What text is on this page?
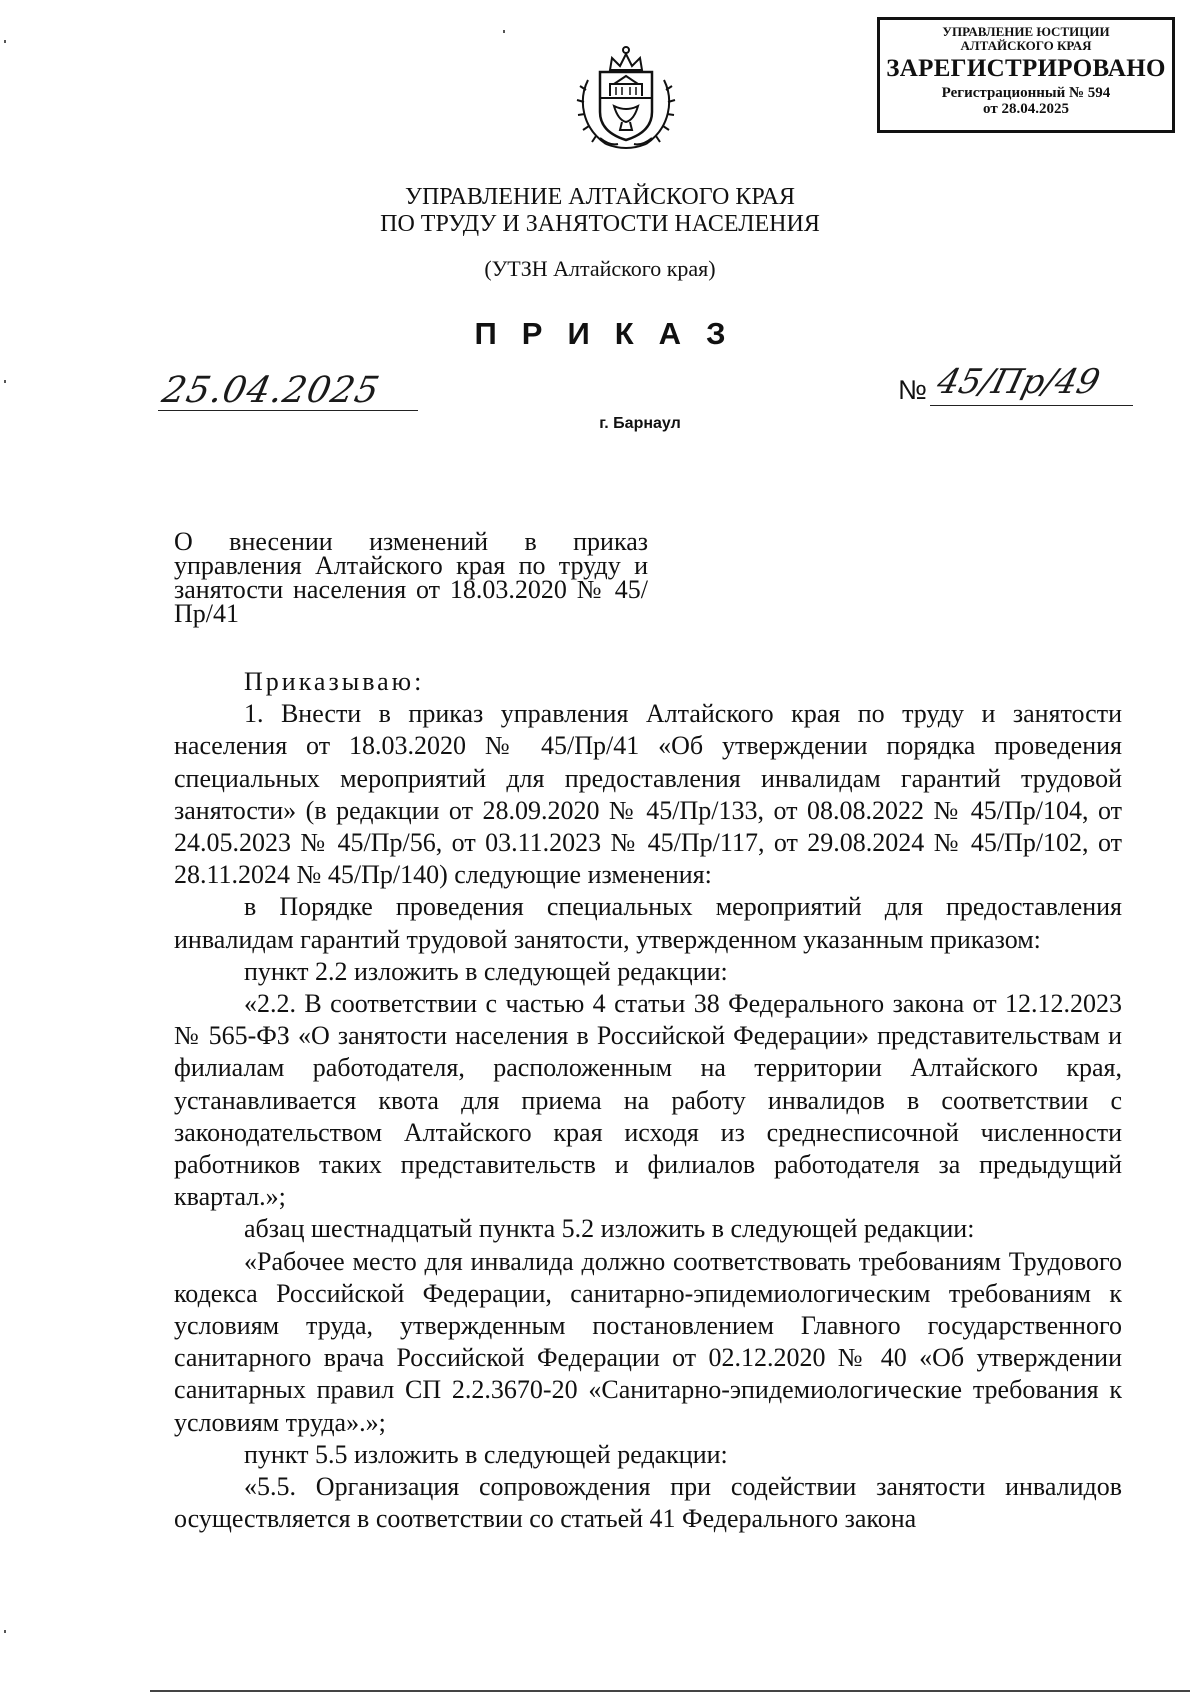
УПРАВЛЕНИЕ ЮСТИЦИИ
АЛТАЙСКОГО КРАЯ
ЗАРЕГИСТРИРОВАНО
Регистрационный № 594
от 28.04.2025
УПРАВЛЕНИЕ АЛТАЙСКОГО КРАЯ
ПО ТРУДУ И ЗАНЯТОСТИ НАСЕЛЕНИЯ
(УТЗН Алтайского края)
ПРИКАЗ
25.04.2025	№ 45/Пр/49
г. Барнаул
О внесении изменений в приказ управления Алтайского края по труду и занятости населения от 18.03.2020 № 45/Пр/41

Приказываю:

1. Внести в приказ управления Алтайского края по труду и занятости населения от 18.03.2020 № 45/Пр/41 «Об утверждении порядка проведения специальных мероприятий для предоставления инвалидам гарантий трудовой занятости» (в редакции от 28.09.2020 № 45/Пр/133, от 08.08.2022 № 45/Пр/104, от 24.05.2023 № 45/Пр/56, от 03.11.2023 № 45/Пр/117, от 29.08.2024 № 45/Пр/102, от 28.11.2024 № 45/Пр/140) следующие изменения:

в Порядке проведения специальных мероприятий для предоставления инвалидам гарантий трудовой занятости, утвержденном указанным приказом:

пункт 2.2 изложить в следующей редакции:

«2.2. В соответствии с частью 4 статьи 38 Федерального закона от 12.12.2023 № 565-ФЗ «О занятости населения в Российской Федерации» представительствам и филиалам работодателя, расположенным на территории Алтайского края, устанавливается квота для приема на работу инвалидов в соответствии с законодательством Алтайского края исходя из среднесписочной численности работников таких представительств и филиалов работодателя за предыдущий квартал.»;

абзац шестнадцатый пункта 5.2 изложить в следующей редакции:

«Рабочее место для инвалида должно соответствовать требованиям Трудового кодекса Российской Федерации, санитарно-эпидемиологическим требованиям к условиям труда, утвержденным постановлением Главного государственного санитарного врача Российской Федерации от 02.12.2020 № 40 «Об утверждении санитарных правил СП 2.2.3670-20 «Санитарно-эпидемиологические требования к условиям труда».»;

пункт 5.5 изложить в следующей редакции:

«5.5. Организация сопровождения при содействии занятости инвалидов осуществляется в соответствии со статьей 41 Федерального закона
